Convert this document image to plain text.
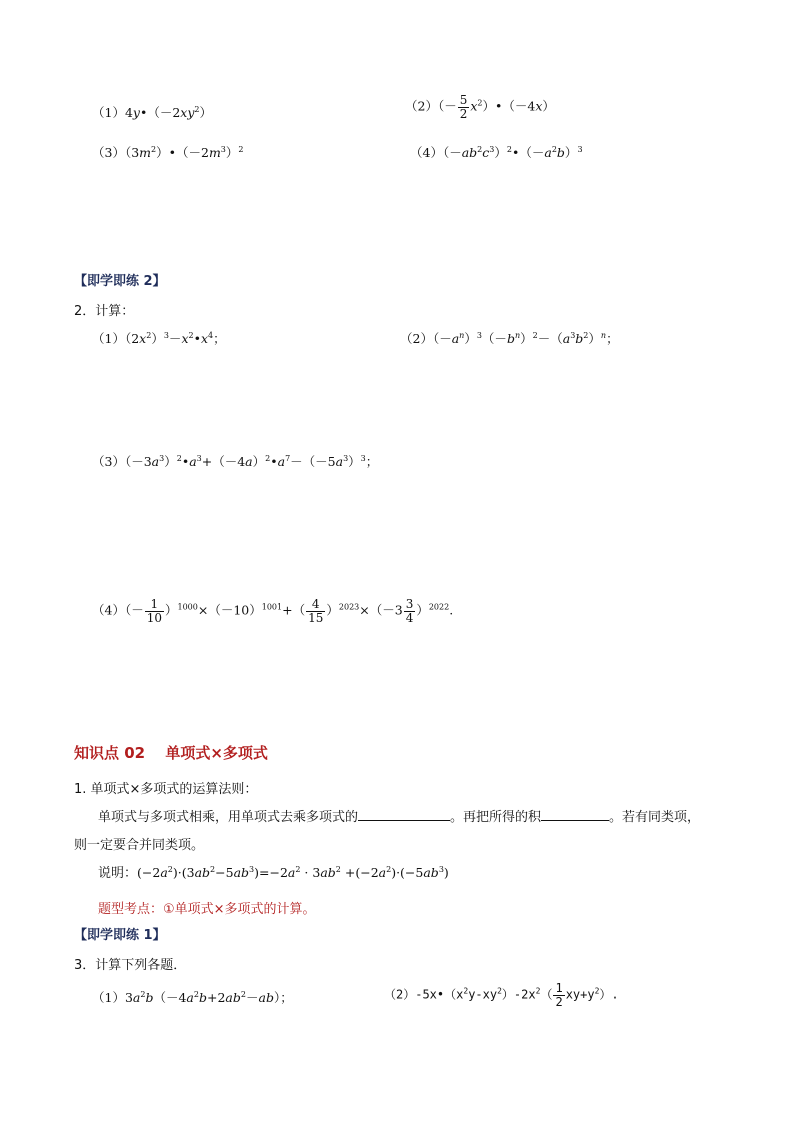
$(1)4y•(-2xy^2)$	$(2)(- \frac{5}{2}$ $x^2)•(-4x)$
$(3)(3m^2)•(-2m^3)^2$	$(4)(-ab^2c^3)^2•(-a^2b)^3$
【即学即练 2】
2．计算：
$(1)(2x^2)^3-x^2•x^4$；	$(2)(-a^n)^3(-b^n)^2-(a^3b^2)^n$；
$(3)(-3a^3)^2•a^3+(-4a)^2•a^7-(-5a^3)^3$；
$(4)(- \frac{1}{10} )^{1000}\times(-10)^{1001}+( \frac{4}{15} )^{2023}\times(-3 \frac{3}{4} )^{2022}$.
知识点 02　 单项式×多项式
1. 单项式×多项式的运算法则：
单项式与多项式相乘，用单项式去乘多项式的	。再把所得的积	。若有同类项，
则一定要合并同类项。
说明：$(-2a^2)\cdot(3ab^2-5ab^3)=-2a^2 \cdot 3ab^2 +(-2a^2)\cdot(-5ab^3)$
题型考点：①单项式×多项式的计算。
【即学即练 1】
3．计算下列各题．
$(1)3a^2b(-4a^2b+2ab^2-ab)$；	$(2)-5x•(x^2y-xy^2)-2x^2( \frac{1}{2} xy+y^2)$.
